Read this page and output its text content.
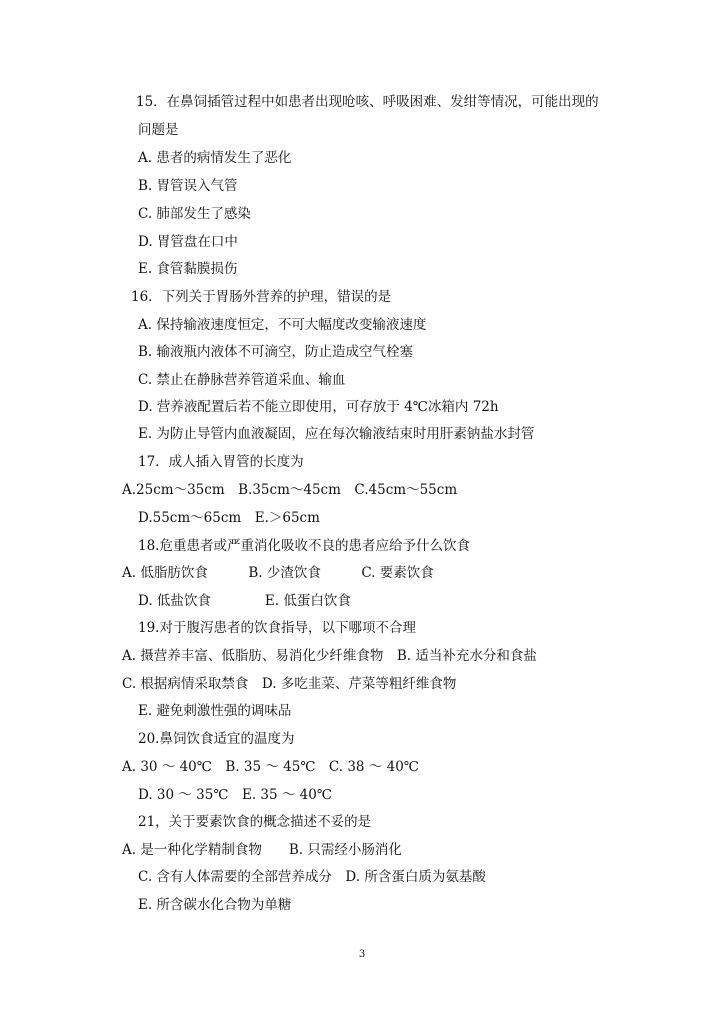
15．在鼻饲插管过程中如患者出现呛咳、呼吸困难、发绀等情况，可能出现的
问题是
A. 患者的病情发生了恶化
B. 胃管误入气管
C. 肺部发生了感染
D. 胃管盘在口中
E. 食管黏膜损伤
16．下列关于胃肠外营养的护理，错误的是
A. 保持输液速度恒定，不可大幅度改变输液速度
B. 输液瓶内液体不可滴空，防止造成空气栓塞
C. 禁止在静脉营养管道采血、输血
D. 营养液配置后若不能立即使用，可存放于 4℃冰箱内 72h
E. 为防止导管内血液凝固，应在每次输液结束时用肝素钠盐水封管
17．成人插入胃管的长度为
A.25cm～35cm　B.35cm～45cm　C.45cm～55cm
D.55cm～65cm　E.＞65cm
18.危重患者或严重消化吸收不良的患者应给予什么饮食
A. 低脂肪饮食　　　B. 少渣饮食　　　C. 要素饮食
D. 低盐饮食　　　　E. 低蛋白饮食
19.对于腹泻患者的饮食指导，以下哪项不合理
A. 摄营养丰富、低脂肪、易消化少纤维食物　B. 适当补充水分和食盐
C. 根据病情采取禁食　D. 多吃韭菜、芹菜等粗纤维食物
E. 避免刺激性强的调味品
20.鼻饲饮食适宜的温度为
A. 30 ～ 40℃　B. 35 ～ 45℃　C. 38 ～ 40℃
D. 30 ～ 35℃　E. 35 ～ 40℃
21，关于要素饮食的概念描述不妥的是
A. 是一种化学精制食物　　B. 只需经小肠消化
C. 含有人体需要的全部营养成分　D. 所含蛋白质为氨基酸
E. 所含碳水化合物为单糖
3
